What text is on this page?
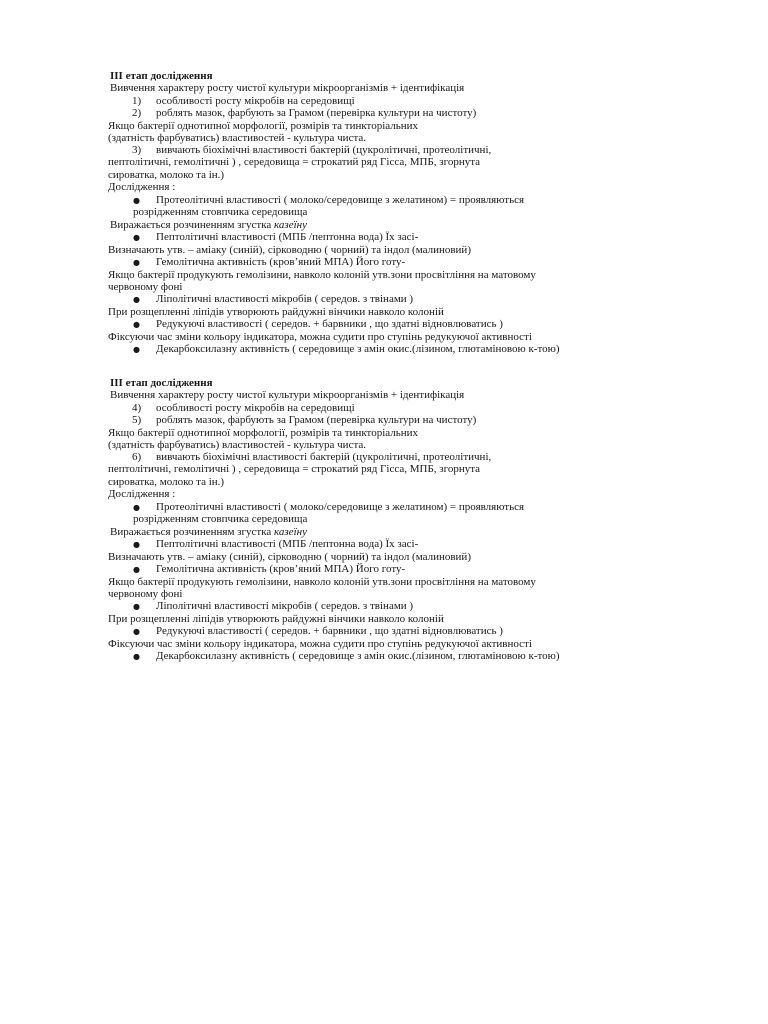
ІІІ етап дослідження
Вивчення характеру росту чистої культури мікроорганізмів + ідентифікація
1) особливості росту мікробів на середовищі
2) роблять мазок, фарбують за Грамом (перевірка культури на чистоту)
Якщо бактерії однотипної морфології, розмірів та тинкторіальних
(здатність фарбуватись) властивостей - культура чиста.
3) вивчають біохімічні властивості бактерій (цукролітичні, протеолітичні,
пептолітичні, гемолітичні ) , середовища = строкатий ряд Гісса, МПБ, згорнута
сироватка, молоко та ін.)
Дослідження :
● Протеолітичні властивості ( молоко/середовище з желатином) = проявляються
розрідженням стовпчика середовища
Виражається розчиненням згустка казеїну
● Пептолітичні властивості (МПБ /пептонна вода) Їх засі-
Визначають утв. – аміаку (синій), сірководню ( чорний) та індол (малиновий)
● Гемолітична активність (кров’яний МПА) Його готу-
Якщо бактерії продукують гемолізини, навколо колоній утв.зони просвітління на матовому
червоному фоні
● Ліполітичні властивості мікробів ( середов. з твінами )
При розщепленні ліпідів утворюють райдужні вінчики навколо колоній
● Редукуючі властивості ( середов. + барвники , що здатні відновлюватись )
Фіксуючи час зміни кольору індикатора, можна судити про ступінь редукуючої активності
● Декарбоксилазну активність ( середовище з амін окис.(лізином, глютаміновою к-тою)
ІІІ етап дослідження
Вивчення характеру росту чистої культури мікроорганізмів + ідентифікація
4) особливості росту мікробів на середовищі
5) роблять мазок, фарбують за Грамом (перевірка культури на чистоту)
Якщо бактерії однотипної морфології, розмірів та тинкторіальних
(здатність фарбуватись) властивостей - культура чиста.
6) вивчають біохімічні властивості бактерій (цукролітичні, протеолітичні,
пептолітичні, гемолітичні ) , середовища = строкатий ряд Гісса, МПБ, згорнута
сироватка, молоко та ін.)
Дослідження :
● Протеолітичні властивості ( молоко/середовище з желатином) = проявляються
розрідженням стовпчика середовища
Виражається розчиненням згустка казеїну
● Пептолітичні властивості (МПБ /пептонна вода) Їх засі-
Визначають утв. – аміаку (синій), сірководню ( чорний) та індол (малиновий)
● Гемолітична активність (кров’яний МПА) Його готу-
Якщо бактерії продукують гемолізини, навколо колоній утв.зони просвітління на матовому
червоному фоні
● Ліполітичні властивості мікробів ( середов. з твінами )
При розщепленні ліпідів утворюють райдужні вінчики навколо колоній
● Редукуючі властивості ( середов. + барвники , що здатні відновлюватись )
Фіксуючи час зміни кольору індикатора, можна судити про ступінь редукуючої активності
● Декарбоксилазну активність ( середовище з амін окис.(лізином, глютаміновою к-тою)
